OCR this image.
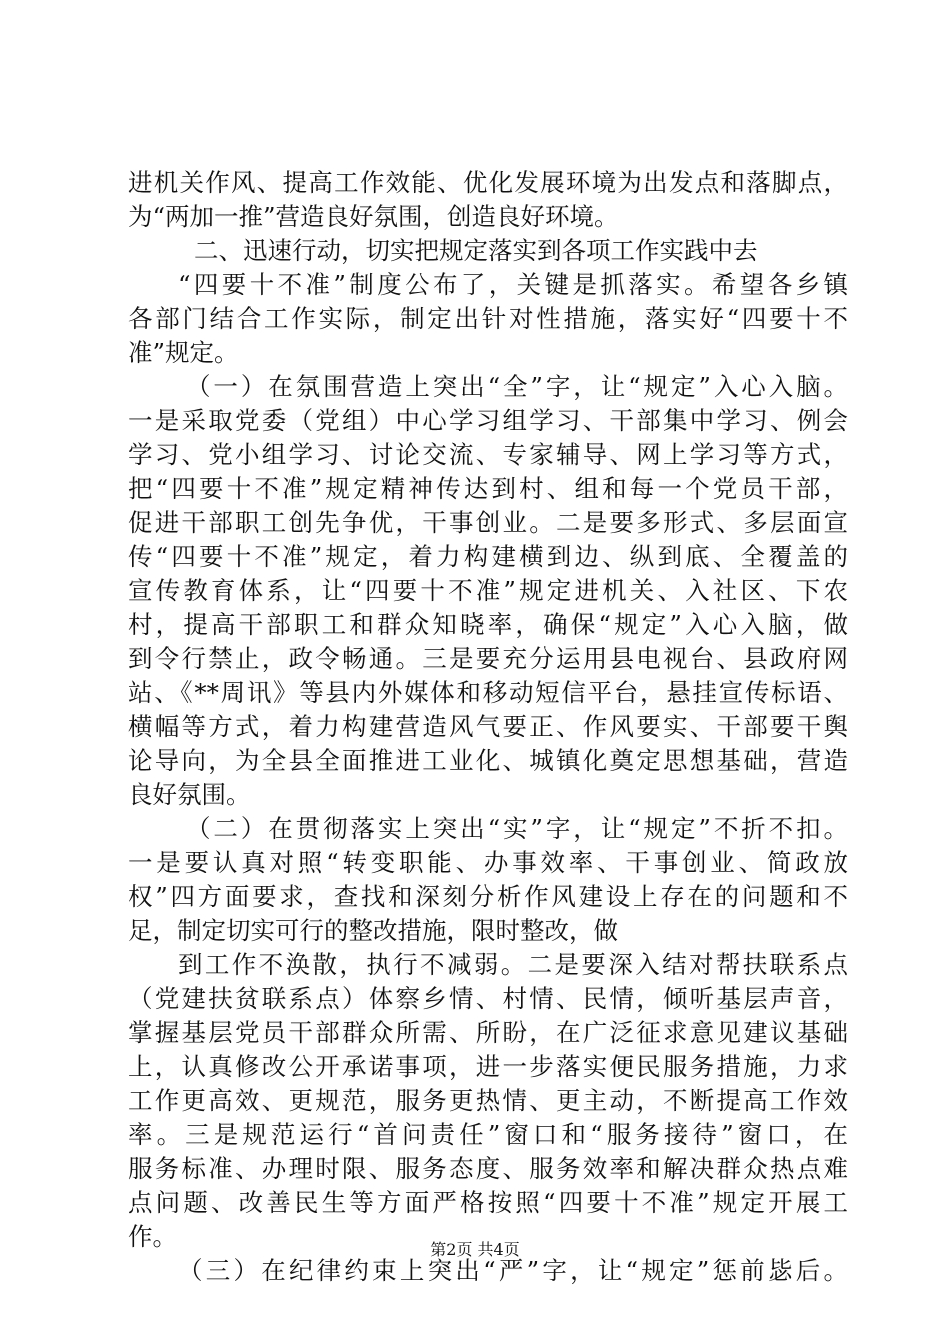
进机关作风、提高工作效能、优化发展环境为出发点和落脚点，
为“两加一推”营造良好氛围，创造良好环境。
二、迅速行动，切实把规定落实到各项工作实践中去
“四要十不准”制度公布了，关键是抓落实。希望各乡镇
各部门结合工作实际，制定出针对性措施，落实好“四要十不
准”规定。
（一）在氛围营造上突出“全”字，让“规定”入心入脑。
一是采取党委（党组）中心学习组学习、干部集中学习、例会
学习、党小组学习、讨论交流、专家辅导、网上学习等方式，
把“四要十不准”规定精神传达到村、组和每一个党员干部，
促进干部职工创先争优，干事创业。二是要多形式、多层面宣
传“四要十不准”规定，着力构建横到边、纵到底、全覆盖的
宣传教育体系，让“四要十不准”规定进机关、入社区、下农
村，提高干部职工和群众知晓率，确保“规定”入心入脑，做
到令行禁止，政令畅通。三是要充分运用县电视台、县政府网
站、《**周讯》等县内外媒体和移动短信平台，悬挂宣传标语、
横幅等方式，着力构建营造风气要正、作风要实、干部要干舆
论导向，为全县全面推进工业化、城镇化奠定思想基础，营造
良好氛围。
（二）在贯彻落实上突出“实”字，让“规定”不折不扣。
一是要认真对照“转变职能、办事效率、干事创业、简政放
权”四方面要求，查找和深刻分析作风建设上存在的问题和不
足，制定切实可行的整改措施，限时整改，做
到工作不涣散，执行不减弱。二是要深入结对帮扶联系点
（党建扶贫联系点）体察乡情、村情、民情，倾听基层声音，
掌握基层党员干部群众所需、所盼，在广泛征求意见建议基础
上，认真修改公开承诺事项，进一步落实便民服务措施，力求
工作更高效、更规范，服务更热情、更主动，不断提高工作效
率。三是规范运行“首问责任”窗口和“服务接待”窗口，在
服务标准、办理时限、服务态度、服务效率和解决群众热点难
点问题、改善民生等方面严格按照“四要十不准”规定开展工
作。
（三）在纪律约束上突出“严”字，让“规定”惩前毖后。
第2页 共4页
